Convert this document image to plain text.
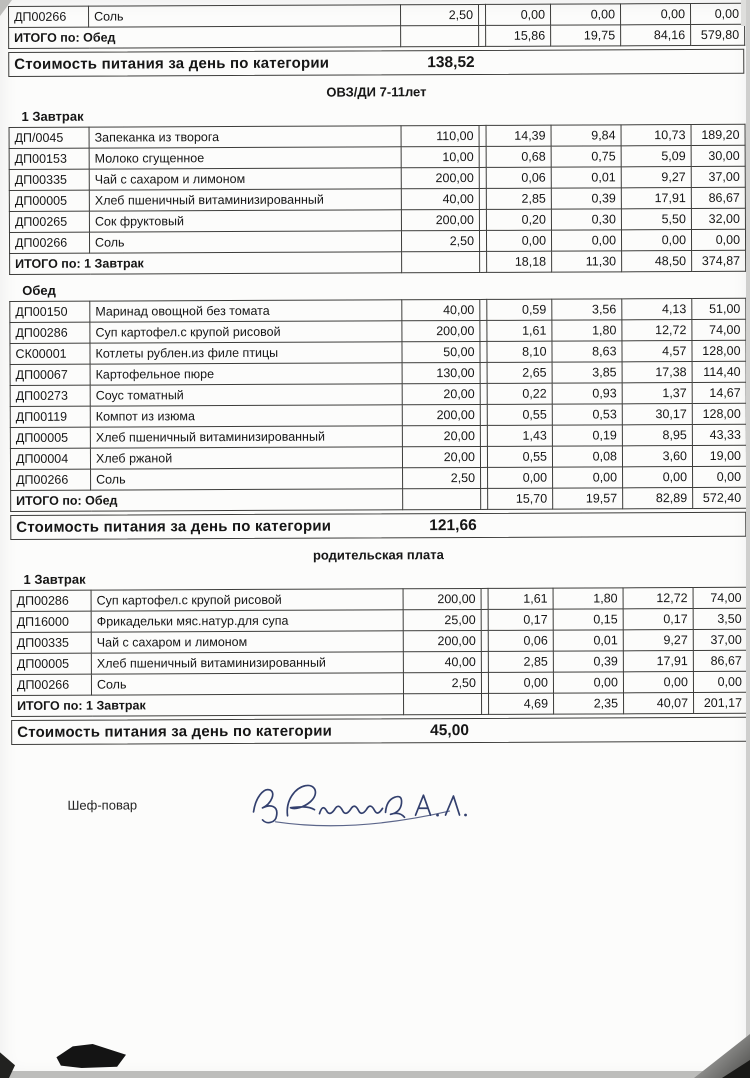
ДП00266	Соль	2,50		0,00	0,00	0,00	0,00
ИТОГО по: Обед				15,86	19,75	84,16	579,80
Стоимость питания за день по категории	138,52
ОВЗ/ДИ 7-11лет
1 Завтрак
ДП/0045	Запеканка из творога	110,00		14,39	9,84	10,73	189,20
ДП00153	Молоко сгущенное	10,00		0,68	0,75	5,09	30,00
ДП00335	Чай с сахаром и лимоном	200,00		0,06	0,01	9,27	37,00
ДП00005	Хлеб пшеничный витаминизированный	40,00		2,85	0,39	17,91	86,67
ДП00265	Сок фруктовый	200,00		0,20	0,30	5,50	32,00
ДП00266	Соль	2,50		0,00	0,00	0,00	0,00
ИТОГО по: 1 Завтрак				18,18	11,30	48,50	374,87
Обед
ДП00150	Маринад овощной без томата	40,00		0,59	3,56	4,13	51,00
ДП00286	Суп картофел.с крупой рисовой	200,00		1,61	1,80	12,72	74,00
СК00001	Котлеты рублен.из филе птицы	50,00		8,10	8,63	4,57	128,00
ДП00067	Картофельное пюре	130,00		2,65	3,85	17,38	114,40
ДП00273	Соус томатный	20,00		0,22	0,93	1,37	14,67
ДП00119	Компот из изюма	200,00		0,55	0,53	30,17	128,00
ДП00005	Хлеб пшеничный витаминизированный	20,00		1,43	0,19	8,95	43,33
ДП00004	Хлеб ржаной	20,00		0,55	0,08	3,60	19,00
ДП00266	Соль	2,50		0,00	0,00	0,00	0,00
ИТОГО по: Обед				15,70	19,57	82,89	572,40
Стоимость питания за день по категории	121,66
родительская плата
1 Завтрак
ДП00286	Суп картофел.с крупой рисовой	200,00		1,61	1,80	12,72	74,00
ДП16000	Фрикадельки мяс.натур.для супа	25,00		0,17	0,15	0,17	3,50
ДП00335	Чай с сахаром и лимоном	200,00		0,06	0,01	9,27	37,00
ДП00005	Хлеб пшеничный витаминизированный	40,00		2,85	0,39	17,91	86,67
ДП00266	Соль	2,50		0,00	0,00	0,00	0,00
ИТОГО по: 1 Завтрак				4,69	2,35	40,07	201,17
Стоимость питания за день по категории	45,00
Шеф-повар
